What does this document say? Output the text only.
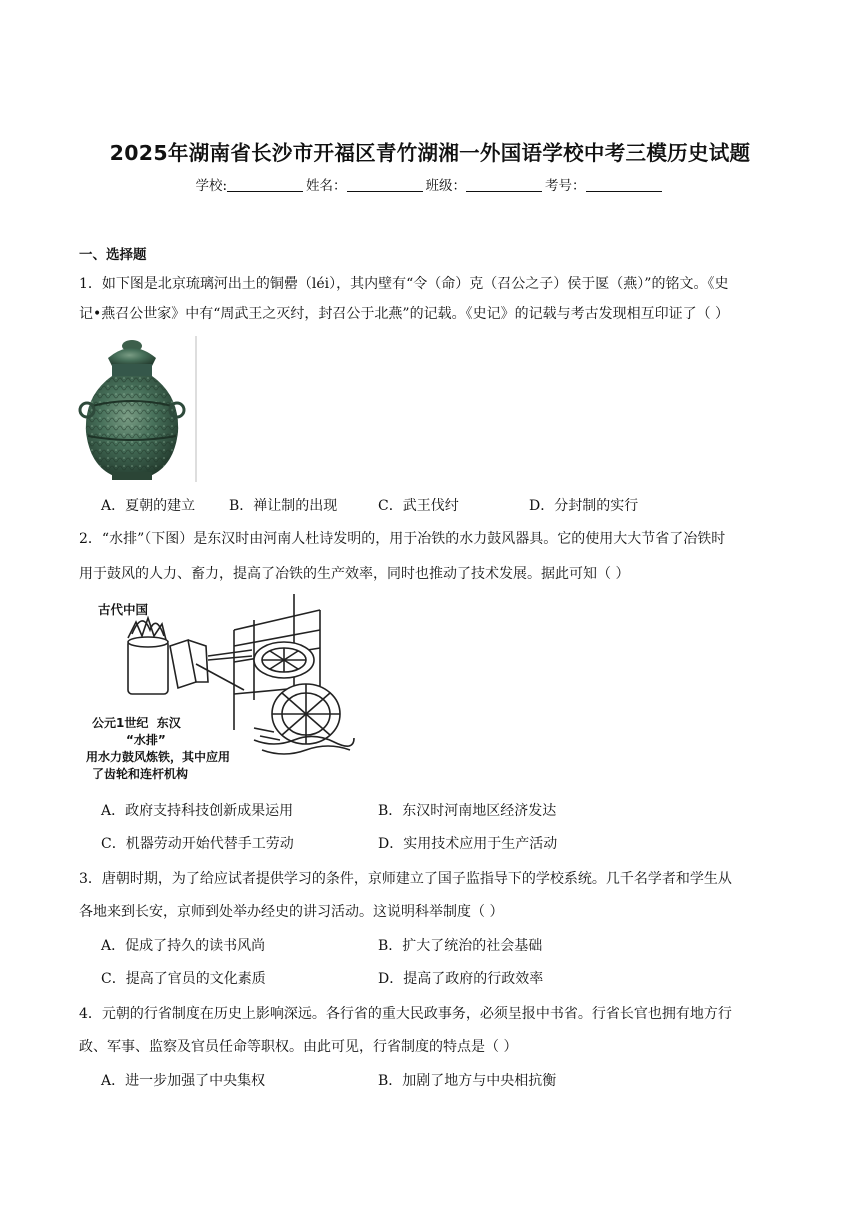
2025年湖南省长沙市开福区青竹湖湘一外国语学校中考三模历史试题
学校:	姓名：	班级：	考号：
一、选择题
1．如下图是北京琉璃河出土的铜罍（léi），其内壁有“令（命）克（召公之子）侯于匽（燕）”的铭文。《史
记•燕召公世家》中有“周武王之灭纣，封召公于北燕”的记载。《史记》的记载与考古发现相互印证了（ ）
A．夏朝的建立 B．禅让制的出现	C．武王伐纣	D．分封制的实行
2．“水排”（下图）是东汉时由河南人杜诗发明的，用于冶铁的水力鼓风器具。它的使用大大节省了冶铁时
用于鼓风的人力、畜力，提高了冶铁的生产效率，同时也推动了技术发展。据此可知（ ）
古代中国
公元1世纪  东汉
“水排”
用水力鼓风炼铁，其中应用
了齿轮和连杆机构
A．政府支持科技创新成果运用	B．东汉时河南地区经济发达
C．机器劳动开始代替手工劳动	D．实用技术应用于生产活动
3．唐朝时期，为了给应试者提供学习的条件，京师建立了国子监指导下的学校系统。几千名学者和学生从
各地来到长安，京师到处举办经史的讲习活动。这说明科举制度（ ）
A．促成了持久的读书风尚	B．扩大了统治的社会基础
C．提高了官员的文化素质	D．提高了政府的行政效率
4．元朝的行省制度在历史上影响深远。各行省的重大民政事务，必须呈报中书省。行省长官也拥有地方行
政、军事、监察及官员任命等职权。由此可见，行省制度的特点是（ ）
A．进一步加强了中央集权	B．加剧了地方与中央相抗衡
